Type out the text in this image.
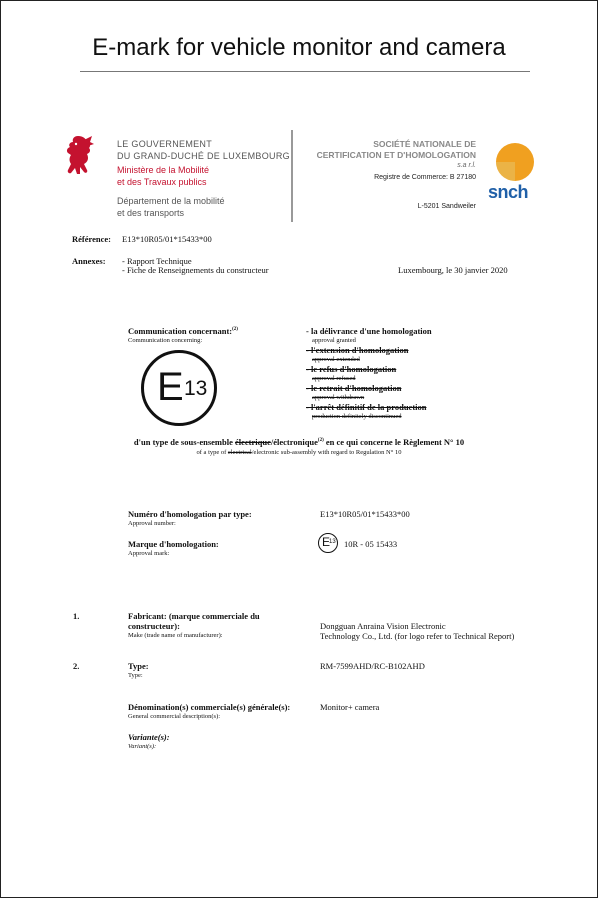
E-mark for vehicle monitor and camera
LE GOUVERNEMENT
DU GRAND-DUCHÉ DE LUXEMBOURG
Ministère de la Mobilité
et des Travaux publics
Département de la mobilité
et des transports
SOCIÉTÉ NATIONALE DE
CERTIFICATION ET D'HOMOLOGATION
s.a r.l.
Registre de Commerce: B 27180
L-5201 Sandweiler
snch
Référence: E13*10R05/01*15433*00
Annexes: - Rapport Technique
- Fiche de Renseignements du constructeur	Luxembourg, le 30 janvier 2020
Communication concernant:$^{(2)}$
Communication concerning:
- la délivrance d'une homologation
approval granted
- l'extension d'homologation
approval extended
- le refus d'homologation
approval refused
- le retrait d'homologation
approval withdrawn
- l'arrêt définitif de la production
production definitely discontinued
E 13
d'un type de sous-ensemble électrique/électronique$^{(2)}$ en ce qui concerne le Règlement N° 10
of a type of electrical/electronic sub-assembly with regard to Regulation N° 10
Numéro d'homologation par type:
Approval number:
E13*10R05/01*15433*00
Marque d'homologation:
Approval mark:
E
13 10R - 05 15433
1.	Fabricant: (marque commerciale du
constructeur):
Make (trade name of manufacturer):
Dongguan Anraina Vision Electronic
Technology Co., Ltd. (for logo refer to Technical Report)
2.	Type:
Type:
RM-7599AHD/RC-B102AHD
Dénomination(s) commerciale(s) générale(s):
General commercial description(s):
Monitor+ camera
Variante(s):
Variant(s):
